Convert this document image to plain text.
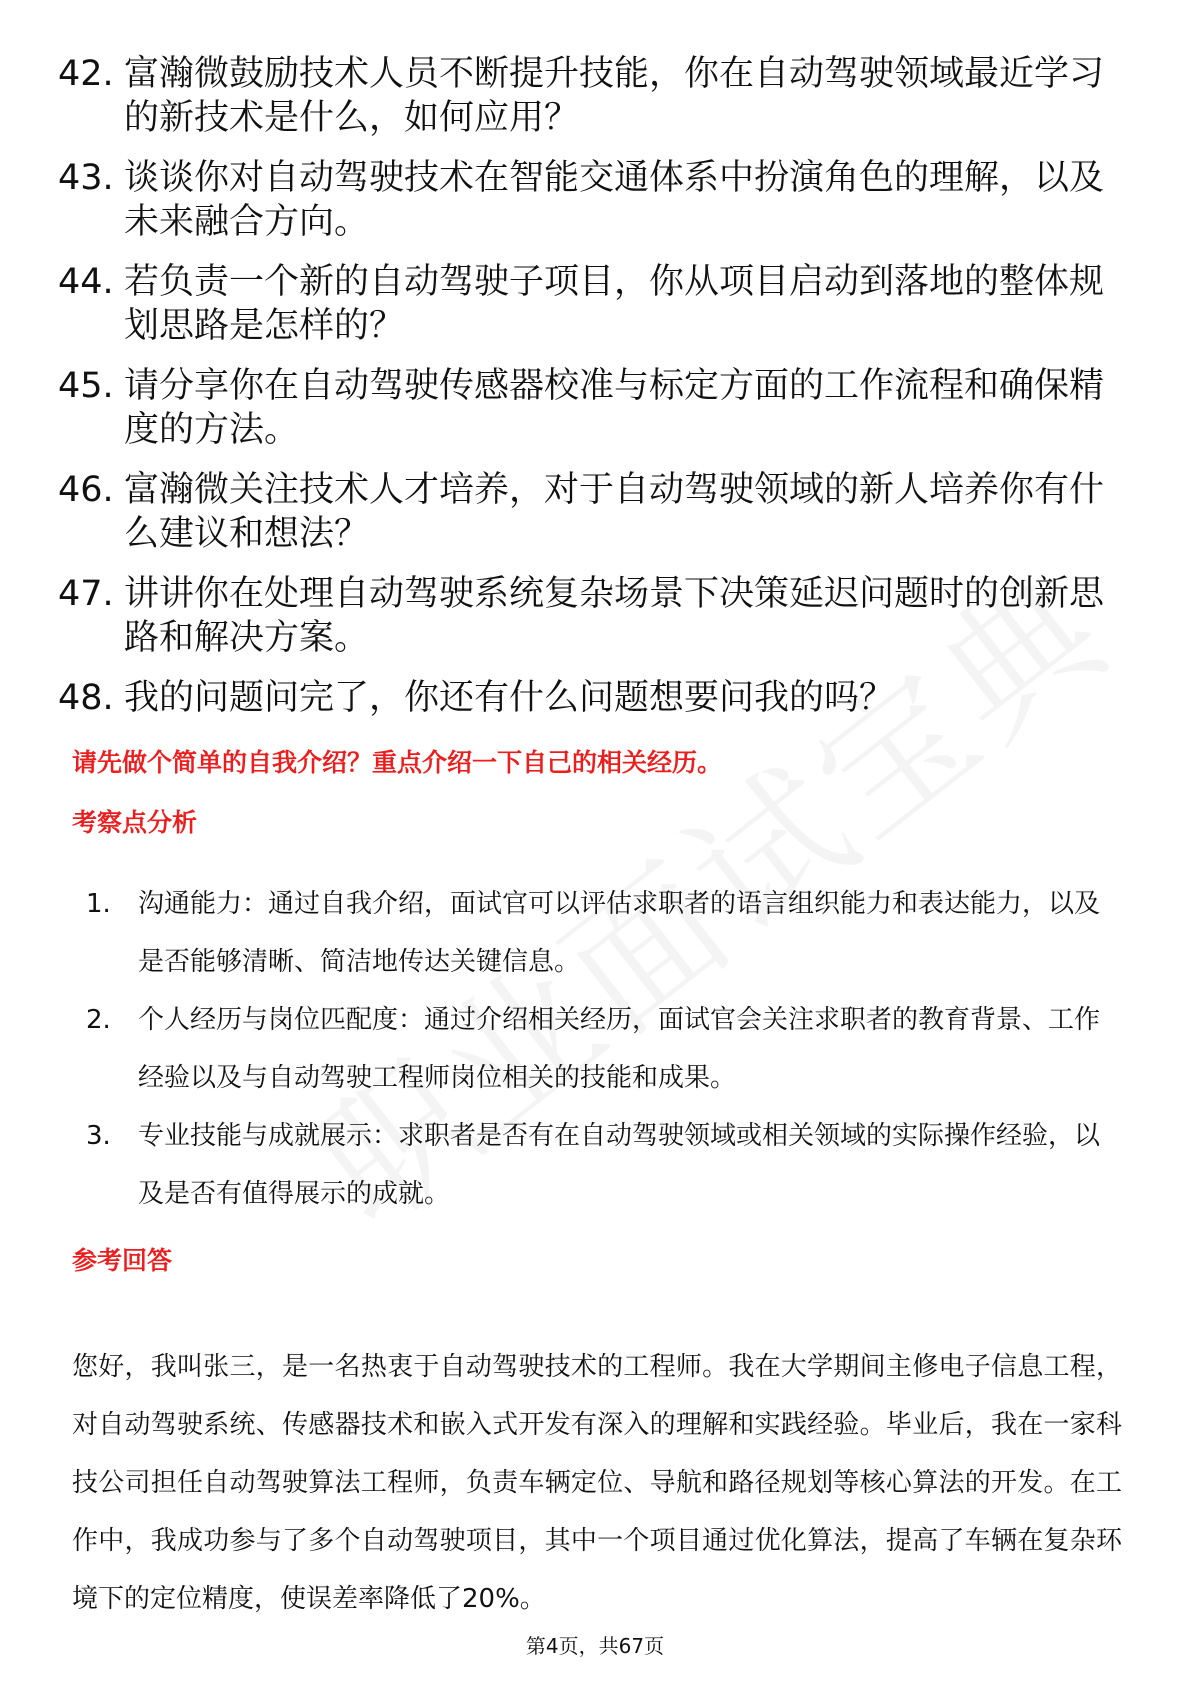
42. 富瀚微鼓励技术人员不断提升技能，你在自动驾驶领域最近学习的新技术是什么，如何应用？
43. 谈谈你对自动驾驶技术在智能交通体系中扮演角色的理解，以及未来融合方向。
44. 若负责一个新的自动驾驶子项目，你从项目启动到落地的整体规划思路是怎样的？
45. 请分享你在自动驾驶传感器校准与标定方面的工作流程和确保精度的方法。
46. 富瀚微关注技术人才培养，对于自动驾驶领域的新人培养你有什么建议和想法？
47. 讲讲你在处理自动驾驶系统复杂场景下决策延迟问题时的创新思路和解决方案。
48. 我的问题问完了，你还有什么问题想要问我的吗？
请先做个简单的自我介绍？重点介绍一下自己的相关经历。
考察点分析
1.	沟通能力：通过自我介绍，面试官可以评估求职者的语言组织能力和表达能力，以及是否能够清晰、简洁地传达关键信息。
2.	个人经历与岗位匹配度：通过介绍相关经历，面试官会关注求职者的教育背景、工作经验以及与自动驾驶工程师岗位相关的技能和成果。
3.	专业技能与成就展示：求职者是否有在自动驾驶领域或相关领域的实际操作经验，以及是否有值得展示的成就。
参考回答

您好，我叫张三，是一名热衷于自动驾驶技术的工程师。我在大学期间主修电子信息工程，对自动驾驶系统、传感器技术和嵌入式开发有深入的理解和实践经验。毕业后，我在一家科技公司担任自动驾驶算法工程师，负责车辆定位、导航和路径规划等核心算法的开发。在工作中，我成功参与了多个自动驾驶项目，其中一个项目通过优化算法，提高了车辆在复杂环境下的定位精度，使误差率降低了20%。

第4页，共67页
